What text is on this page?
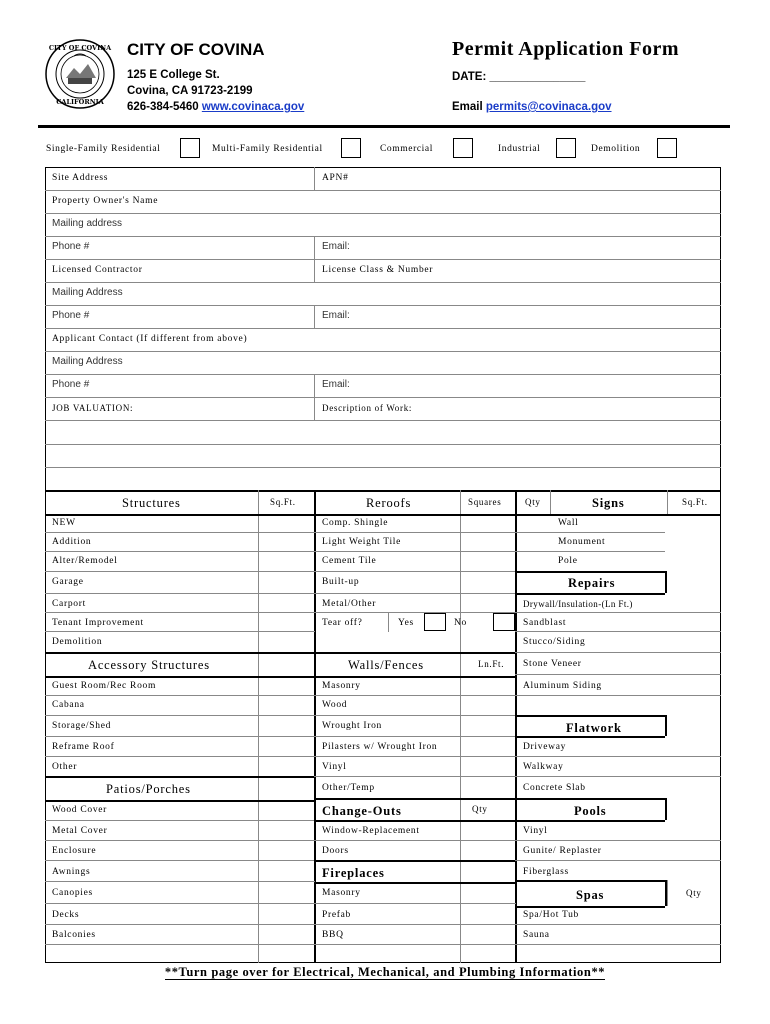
CITY OF COVINA
CALIFORNIA
CITY OF COVINA
125 E College St.
Covina, CA 91723-2199
626-384-5460 www.covinaca.gov
Permit Application Form
DATE: _______________
Email permits@covinaca.gov
Single-Family Residential	Multi-Family Residential	Commercial	Industrial	Demolition
Site Address	APN#
Property Owner's Name
Mailing address
Phone #	Email:
Licensed Contractor	License Class & Number
Mailing Address
Phone #	Email:
Applicant Contact (If different from above)
Mailing Address
Phone #	Email:
JOB VALUATION:	Description of Work:
Structures	Sq.Ft.
NEW
Addition
Alter/Remodel
Garage
Carport
Tenant Improvement
Demolition
Accessory Structures
Guest Room/Rec Room
Cabana
Storage/Shed
Reframe Roof
Other
Patios/Porches
Wood Cover
Metal Cover
Enclosure
Awnings
Canopies
Decks
Balconies
Reroofs	Squares
Comp. Shingle
Light Weight Tile
Cement Tile
Built-up
Metal/Other
Tear off?	Yes	No
Walls/Fences	Ln.Ft.
Masonry
Wood
Wrought Iron
Pilasters w/ Wrought Iron
Vinyl
Other/Temp
Change-Outs	Qty
Window-Replacement
Doors
Fireplaces
Masonry
Prefab
BBQ
Qty	Signs	Sq.Ft.
Wall
Monument
Pole
Repairs
Drywall/Insulation-(Ln Ft.)
Sandblast
Stucco/Siding
Stone Veneer
Aluminum Siding
Flatwork
Driveway
Walkway
Concrete Slab
Pools
Vinyl
Gunite/ Replaster
Fiberglass
Spas	Qty
Spa/Hot Tub
Sauna
**Turn page over for Electrical, Mechanical, and Plumbing Information**
